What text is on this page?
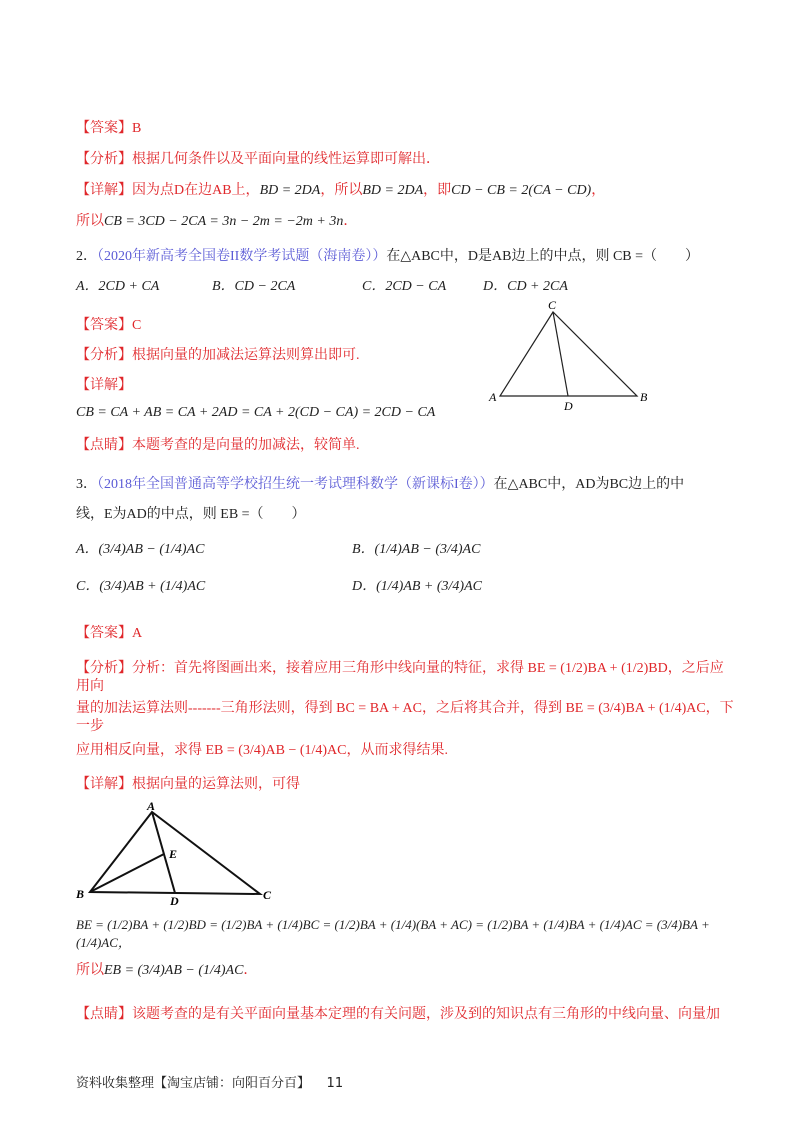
【答案】B
【分析】根据几何条件以及平面向量的线性运算即可解出．
【详解】因为点D在边AB上，BD = 2DA，所以BD = 2DA，即CD − CB = 2(CA − CD)，
所以CB = 3CD − 2CA = 3n − 2m = −2m + 3n．
2．（2020年新高考全国卷II数学考试题（海南卷））在△ABC中，D是AB边上的中点，则 CB =（　　）
A．2CD + CA	B．CD − 2CA	C．2CD − CA	D．CD + 2CA
【答案】C
【分析】根据向量的加减法运算法则算出即可.
【详解】
CB = CA + AB = CA + 2AD = CA + 2(CD − CA) = 2CD − CA
【点睛】本题考查的是向量的加减法，较简单.
C
A
D
B
3．（2018年全国普通高等学校招生统一考试理科数学（新课标I卷））在△ABC中，AD为BC边上的中
线，E为AD的中点，则 EB =（　　）
A．(3/4)AB − (1/4)AC	B．(1/4)AB − (3/4)AC
C．(3/4)AB + (1/4)AC	D．(1/4)AB + (3/4)AC
【答案】A
【分析】分析：首先将图画出来，接着应用三角形中线向量的特征，求得 BE = (1/2)BA + (1/2)BD，之后应用向
量的加法运算法则-------三角形法则，得到 BC = BA + AC，之后将其合并，得到 BE = (3/4)BA + (1/4)AC，下一步
应用相反向量，求得 EB = (3/4)AB − (1/4)AC，从而求得结果.
【详解】根据向量的运算法则，可得
A
E
B	D	C
BE = (1/2)BA + (1/2)BD = (1/2)BA + (1/4)BC = (1/2)BA + (1/4)(BA + AC) = (1/2)BA + (1/4)BA + (1/4)AC = (3/4)BA + (1/4)AC，
所以EB = (3/4)AB − (1/4)AC．
【点睛】该题考查的是有关平面向量基本定理的有关问题，涉及到的知识点有三角形的中线向量、向量加
资料收集整理【淘宝店铺：向阳百分百】 11
